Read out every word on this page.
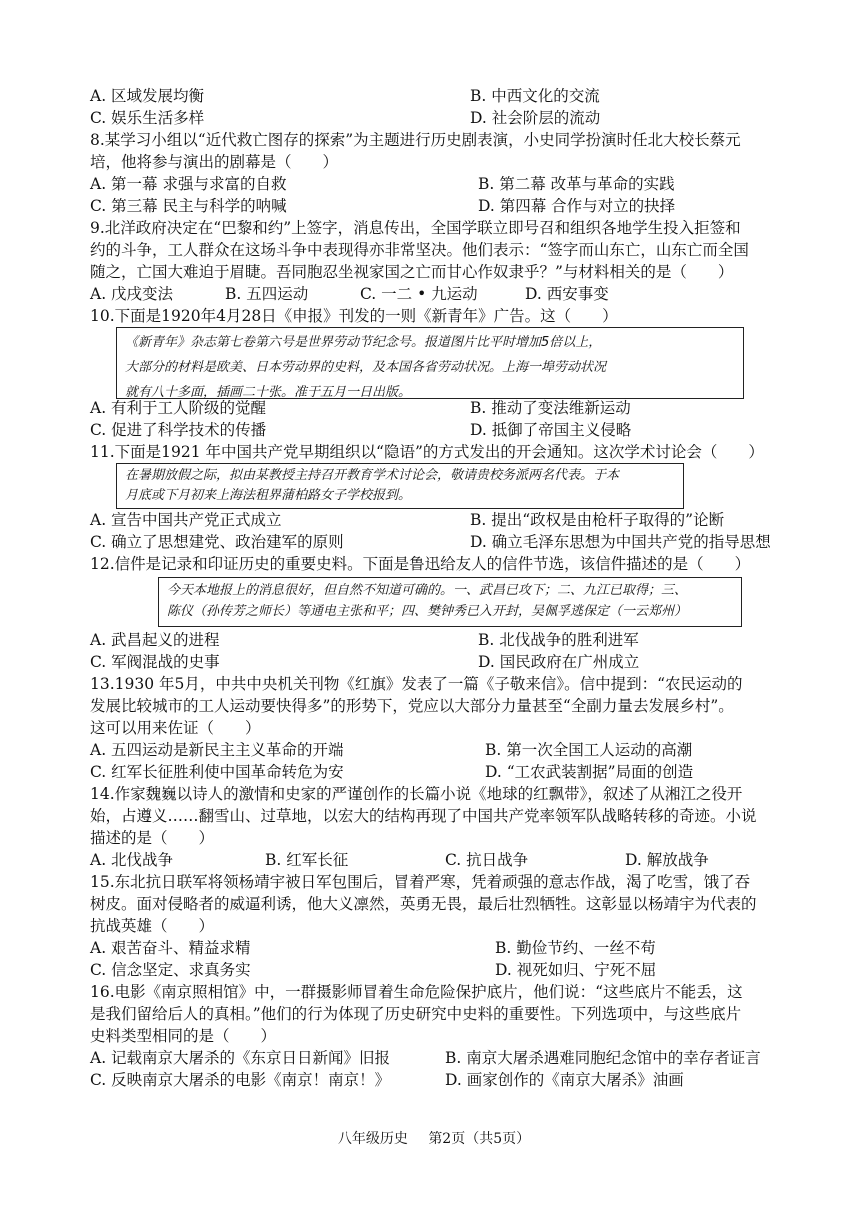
A. 区域发展均衡	B. 中西文化的交流
C. 娱乐生活多样	D. 社会阶层的流动
8.某学习小组以“近代救亡图存的探索”为主题进行历史剧表演，小史同学扮演时任北大校长蔡元
培，他将参与演出的剧幕是（　　）
A. 第一幕 求强与求富的自救	B. 第二幕 改革与革命的实践
C. 第三幕 民主与科学的呐喊	D. 第四幕 合作与对立的抉择
9.北洋政府决定在“巴黎和约”上签字，消息传出，全国学联立即号召和组织各地学生投入拒签和
约的斗争，工人群众在这场斗争中表现得亦非常坚决。他们表示：“签字而山东亡，山东亡而全国
随之，亡国大难迫于眉睫。吾同胞忍坐视家国之亡而甘心作奴隶乎？”与材料相关的是（　　）
A. 戊戌变法	B. 五四运动	C. 一二 • 九运动	D. 西安事变
10.下面是1920年4月28日《申报》刊发的一则《新青年》广告。这（　　）
《新青年》杂志第七卷第六号是世界劳动节纪念号。报道图片比平时增加5倍以上，
大部分的材料是欧美、日本劳动界的史料，及本国各省劳动状况。上海一埠劳动状况
就有八十多面，插画二十张。准于五月一日出版。
A. 有利于工人阶级的觉醒	B. 推动了变法维新运动
C. 促进了科学技术的传播	D. 抵御了帝国主义侵略
11.下面是1921 年中国共产党早期组织以“隐语”的方式发出的开会通知。这次学术讨论会（　　）
在暑期放假之际，拟由某教授主持召开教育学术讨论会，敬请贵校务派两名代表。于本
月底或下月初来上海法租界蒲柏路女子学校报到。
A. 宣告中国共产党正式成立	B. 提出“政权是由枪杆子取得的”论断
C. 确立了思想建党、政治建军的原则	D. 确立毛泽东思想为中国共产党的指导思想
12.信件是记录和印证历史的重要史料。下面是鲁迅给友人的信件节选，该信件描述的是（　　）
今天本地报上的消息很好，但自然不知道可确的。一、武昌已攻下；二、九江已取得；三、
陈仪（孙传芳之师长）等通电主张和平；四、樊钟秀已入开封，吴佩孚逃保定（一云郑州）
A. 武昌起义的进程	B. 北伐战争的胜利进军
C. 军阀混战的史事	D. 国民政府在广州成立
13.1930 年5月，中共中央机关刊物《红旗》发表了一篇《子敬来信》。信中提到：“农民运动的
发展比较城市的工人运动要快得多”的形势下，党应以大部分力量甚至“全副力量去发展乡村”。
这可以用来佐证（　　）
A. 五四运动是新民主主义革命的开端	B. 第一次全国工人运动的高潮
C. 红军长征胜利使中国革命转危为安	D. “工农武装割据”局面的创造
14.作家魏巍以诗人的激情和史家的严谨创作的长篇小说《地球的红飘带》，叙述了从湘江之役开
始，占遵义……翻雪山、过草地，以宏大的结构再现了中国共产党率领军队战略转移的奇迹。小说
描述的是（　　）
A. 北伐战争	B. 红军长征	C. 抗日战争	D. 解放战争
15.东北抗日联军将领杨靖宇被日军包围后，冒着严寒，凭着顽强的意志作战，渴了吃雪，饿了吞
树皮。面对侵略者的威逼利诱，他大义凛然，英勇无畏，最后壮烈牺牲。这彰显以杨靖宇为代表的
抗战英雄（　　）
A. 艰苦奋斗、精益求精	B. 勤俭节约、一丝不苟
C. 信念坚定、求真务实	D. 视死如归、宁死不屈
16.电影《南京照相馆》中，一群摄影师冒着生命危险保护底片，他们说：“这些底片不能丢，这
是我们留给后人的真相。”他们的行为体现了历史研究中史料的重要性。下列选项中，与这些底片
史料类型相同的是（　　）
A. 记载南京大屠杀的《东京日日新闻》旧报	B. 南京大屠杀遇难同胞纪念馆中的幸存者证言
C. 反映南京大屠杀的电影《南京！南京！》	D. 画家创作的《南京大屠杀》油画
八年级历史 第2页（共5页）
